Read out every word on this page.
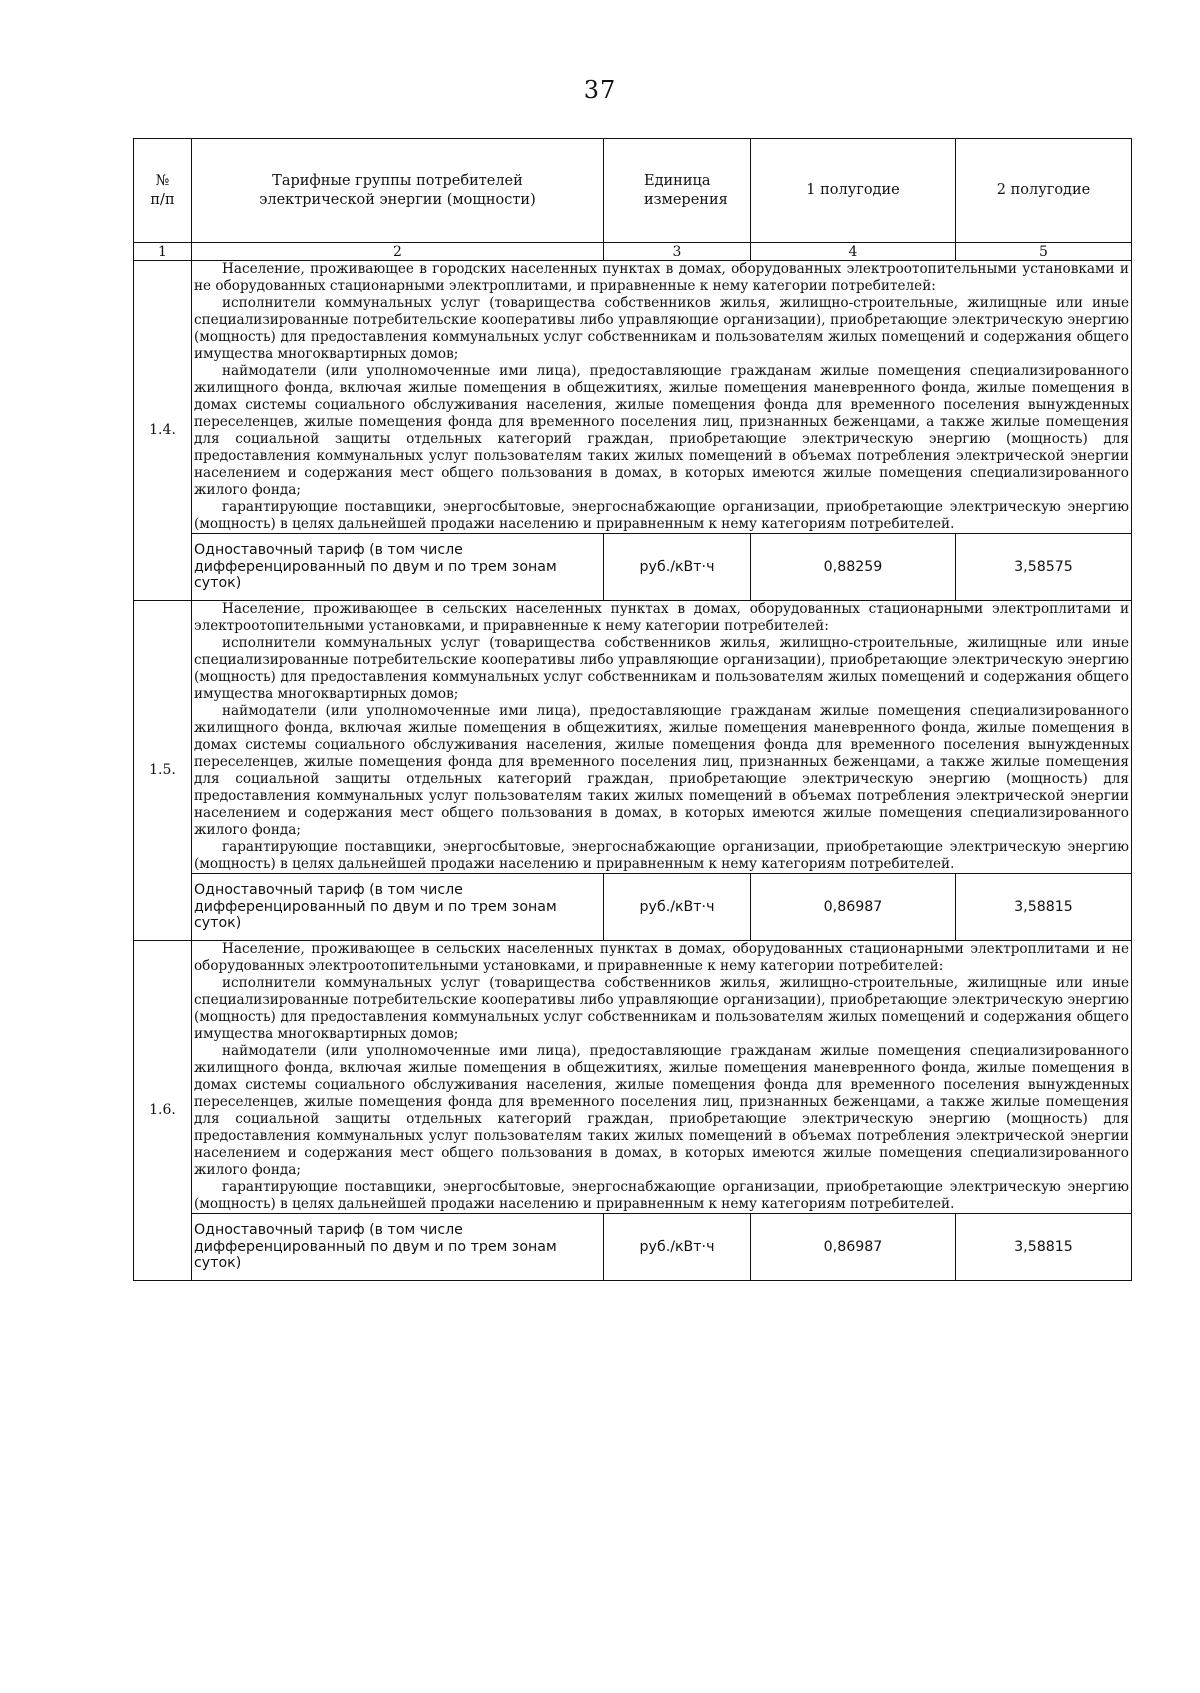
37
№
п/п	Тарифные группы потребителей электрической энергии (мощности)	Единица измерения	1 полугодие	2 полугодие
1	2	3	4	5
1.4.	Население, проживающее в городских населенных пунктах в домах, оборудованных электроотопительными установками и не оборудованных стационарными электроплитами, и приравненные к нему категории потребителей:

исполнители коммунальных услуг (товарищества собственников жилья, жилищно-строительные, жилищные или иные специализированные потребительские кооперативы либо управляющие организации), приобретающие электрическую энергию (мощность) для предоставления коммунальных услуг собственникам и пользователям жилых помещений и содержания общего имущества многоквартирных домов;

наймодатели (или уполномоченные ими лица), предоставляющие гражданам жилые помещения специализированного жилищного фонда, включая жилые помещения в общежитиях, жилые помещения маневренного фонда, жилые помещения в домах системы социального обслуживания населения, жилые помещения фонда для временного поселения вынужденных переселенцев, жилые помещения фонда для временного поселения лиц, признанных беженцами, а также жилые помещения для социальной защиты отдельных категорий граждан, приобретающие электрическую энергию (мощность) для предоставления коммунальных услуг пользователям таких жилых помещений в объемах потребления электрической энергии населением и содержания мест общего пользования в домах, в которых имеются жилые помещения специализированного жилого фонда;

гарантирующие поставщики, энергосбытовые, энергоснабжающие организации, приобретающие электрическую энергию (мощность) в целях дальнейшей продажи населению и приравненным к нему категориям потребителей.			

	Одноставочный тариф (в том числе дифференцированный по двум и по трем зонам суток)	руб./кВт·ч	0,88259	3,58575
1.5.	Население, проживающее в сельских населенных пунктах в домах, оборудованных стационарными электроплитами и электроотопительными установками, и приравненные к нему категории потребителей:

исполнители коммунальных услуг (товарищества собственников жилья, жилищно-строительные, жилищные или иные специализированные потребительские кооперативы либо управляющие организации), приобретающие электрическую энергию (мощность) для предоставления коммунальных услуг собственникам и пользователям жилых помещений и содержания общего имущества многоквартирных домов;

наймодатели (или уполномоченные ими лица), предоставляющие гражданам жилые помещения специализированного жилищного фонда, включая жилые помещения в общежитиях, жилые помещения маневренного фонда, жилые помещения в домах системы социального обслуживания населения, жилые помещения фонда для временного поселения вынужденных переселенцев, жилые помещения фонда для временного поселения лиц, признанных беженцами, а также жилые помещения для социальной защиты отдельных категорий граждан, приобретающие электрическую энергию (мощность) для предоставления коммунальных услуг пользователям таких жилых помещений в объемах потребления электрической энергии населением и содержания мест общего пользования в домах, в которых имеются жилые помещения специализированного жилого фонда;

гарантирующие поставщики, энергосбытовые, энергоснабжающие организации, приобретающие электрическую энергию (мощность) в целях дальнейшей продажи населению и приравненным к нему категориям потребителей.			

	Одноставочный тариф (в том числе дифференцированный по двум и по трем зонам суток)	руб./кВт·ч	0,86987	3,58815
1.6.	Население, проживающее в сельских населенных пунктах в домах, оборудованных стационарными электроплитами и не оборудованных электроотопительными установками, и приравненные к нему категории потребителей:

исполнители коммунальных услуг (товарищества собственников жилья, жилищно-строительные, жилищные или иные специализированные потребительские кооперативы либо управляющие организации), приобретающие электрическую энергию (мощность) для предоставления коммунальных услуг собственникам и пользователям жилых помещений и содержания общего имущества многоквартирных домов;

наймодатели (или уполномоченные ими лица), предоставляющие гражданам жилые помещения специализированного жилищного фонда, включая жилые помещения в общежитиях, жилые помещения маневренного фонда, жилые помещения в домах системы социального обслуживания населения, жилые помещения фонда для временного поселения вынужденных переселенцев, жилые помещения фонда для временного поселения лиц, признанных беженцами, а также жилые помещения для социальной защиты отдельных категорий граждан, приобретающие электрическую энергию (мощность) для предоставления коммунальных услуг пользователям таких жилых помещений в объемах потребления электрической энергии населением и содержания мест общего пользования в домах, в которых имеются жилые помещения специализированного жилого фонда;

гарантирующие поставщики, энергосбытовые, энергоснабжающие организации, приобретающие электрическую энергию (мощность) в целях дальнейшей продажи населению и приравненным к нему категориям потребителей.			

	Одноставочный тариф (в том числе дифференцированный по двум и по трем зонам суток)	руб./кВт·ч	0,86987	3,58815
